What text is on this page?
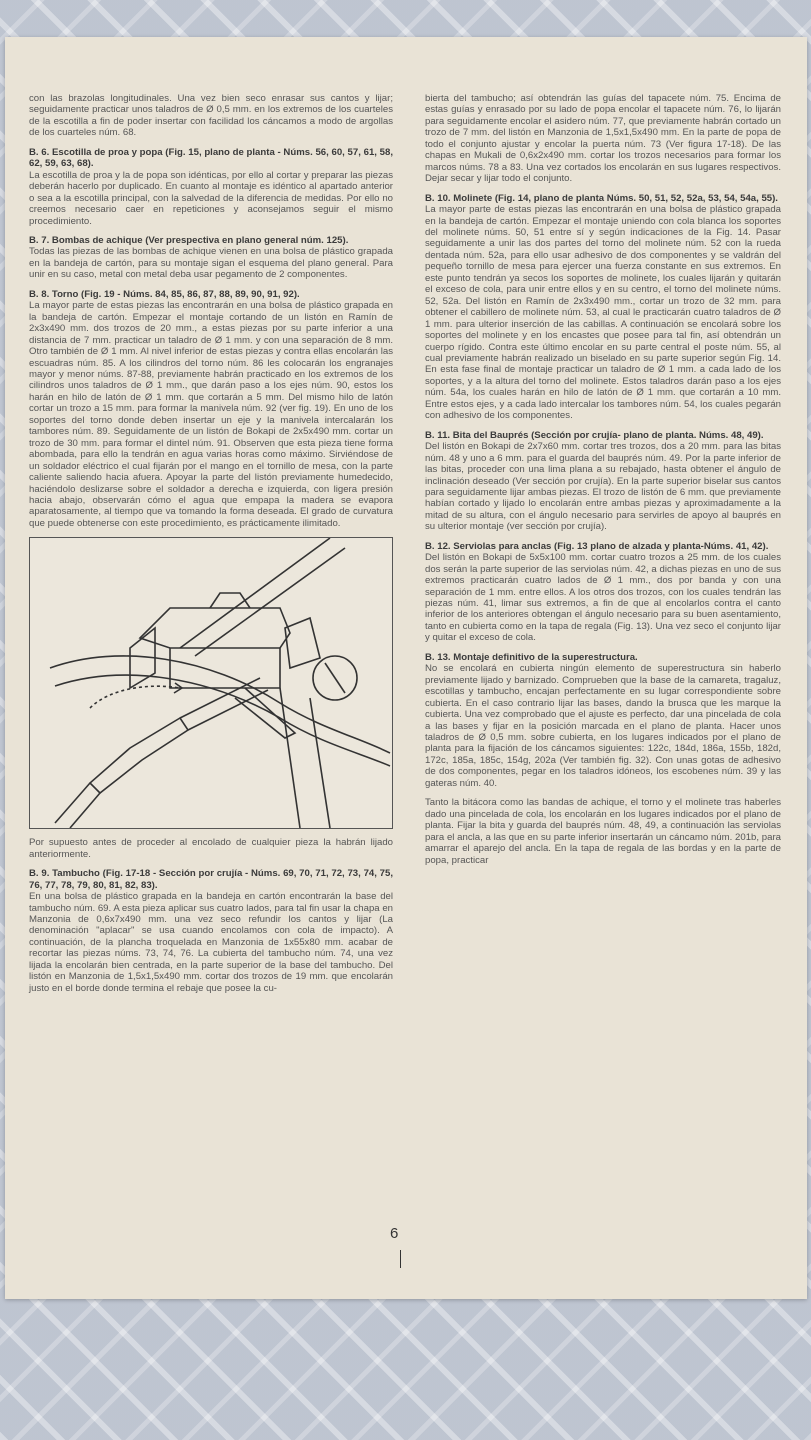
con las brazolas longitudinales. Una vez bien seco enrasar sus cantos y lijar; seguidamente practicar unos taladros de Ø 0,5 mm. en los extremos de los cuarteles de la escotilla a fin de poder insertar con facilidad los cáncamos a modo de argollas de los cuarteles núm. 68.

B. 6. Escotilla de proa y popa (Fig. 15, plano de planta - Núms. 56, 60, 57, 61, 58, 62, 59, 63, 68).
La escotilla de proa y la de popa son idénticas, por ello al cortar y preparar las piezas deberán hacerlo por duplicado. En cuanto al montaje es idéntico al apartado anterior o sea a la escotilla principal, con la salvedad de la diferencia de medidas. Por ello no creemos necesario caer en repeticiones y aconsejamos seguir el mismo procedimiento.
B. 7. Bombas de achique (Ver prespectiva en plano general núm. 125).
Todas las piezas de las bombas de achique vienen en una bolsa de plástico grapada en la bandeja de cartón, para su montaje sigan el esquema del plano general. Para unir en su caso, metal con metal deba usar pegamento de 2 componentes.
B. 8. Torno (Fig. 19 - Núms. 84, 85, 86, 87, 88, 89, 90, 91, 92).
La mayor parte de estas piezas las encontrarán en una bolsa de plástico grapada en la bandeja de cartón. Empezar el montaje cortando de un listón en Ramín de 2x3x490 mm. dos trozos de 20 mm., a estas piezas por su parte inferior a una distancia de 7 mm. practicar un taladro de Ø 1 mm. y con una separación de 8 mm. Otro también de Ø 1 mm. Al nivel inferior de estas piezas y contra ellas encolarán las escuadras núm. 85. A los cilindros del torno núm. 86 les colocarán los engranajes mayor y menor núms. 87-88, previamente habrán practicado en los extremos de los cilindros unos taladros de Ø 1 mm., que darán paso a los ejes núm. 90, estos los harán en hilo de latón de Ø 1 mm. que cortarán a 5 mm. Del mismo hilo de latón cortar un trozo a 15 mm. para formar la manivela núm. 92 (ver fig. 19). En uno de los soportes del torno donde deben insertar un eje y la manivela intercalarán los tambores núm. 89. Seguidamente de un listón de Bokapi de 2x5x490 mm. cortar un trozo de 30 mm. para formar el dintel núm. 91. Observen que esta pieza tiene forma abombada, para ello la tendrán en agua varias horas como máximo. Sirviéndose de un soldador eléctrico el cual fijarán por el mango en el tornillo de mesa, con la parte caliente saliendo hacia afuera. Apoyar la parte del listón previamente humedecido, haciéndolo deslizarse sobre el soldador a derecha e izquierda, con ligera presión hacia abajo, observarán cómo el agua que empapa la madera se evapora aparatosamente, al tiempo que va tomando la forma deseada. El grado de curvatura que puede obtenerse con este procedimiento, es prácticamente ilimitado.

Por supuesto antes de proceder al encolado de cualquier pieza la habrán lijado anteriormente.

B. 9. Tambucho (Fig. 17-18 - Sección por crujía - Núms. 69, 70, 71, 72, 73, 74, 75, 76, 77, 78, 79, 80, 81, 82, 83).
En una bolsa de plástico grapada en la bandeja en cartón encontrarán la base del tambucho núm. 69. A esta pieza aplicar sus cuatro lados, para tal fin usar la chapa en Manzonia de 0,6x7x490 mm. una vez seco refundir los cantos y lijar (La denominación "aplacar" se usa cuando encolamos con cola de impacto). A continuación, de la plancha troquelada en Manzonia de 1x55x80 mm. acabar de recortar las piezas núms. 73, 74, 76. La cubierta del tambucho núm. 74, una vez lijada la encolarán bien centrada, en la parte superior de la base del tambucho. Del listón en Manzonia de 1,5x1,5x490 mm. cortar dos trozos de 19 mm. que encolarán justo en el borde donde termina el rebaje que posee la cu-

bierta del tambucho; así obtendrán las guías del tapacete núm. 75. Encima de estas guías y enrasado por su lado de popa encolar el tapacete núm. 76, lo lijarán para seguidamente encolar el asidero núm. 77, que previamente habrán cortado un trozo de 7 mm. del listón en Manzonia de 1,5x1,5x490 mm. En la parte de popa de todo el conjunto ajustar y encolar la puerta núm. 73 (Ver figura 17-18). De las chapas en Mukali de 0,6x2x490 mm. cortar los trozos necesarios para formar los marcos núms. 78 a 83. Una vez cortados los encolarán en sus lugares respectivos. Dejar secar y lijar todo el conjunto.

B. 10. Molinete (Fig. 14, plano de planta Núms. 50, 51, 52, 52a, 53, 54, 54a, 55).
La mayor parte de estas piezas las encontrarán en una bolsa de plástico grapada en la bandeja de cartón. Empezar el montaje uniendo con cola blanca los soportes del molinete núms. 50, 51 entre sí y según indicaciones de la Fig. 14. Pasar seguidamente a unir las dos partes del torno del molinete núm. 52 con la rueda dentada núm. 52a, para ello usar adhesivo de dos componentes y se valdrán del pequeño tornillo de mesa para ejercer una fuerza constante en sus extremos. En este punto tendrán ya secos los soportes de molinete, los cuales lijarán y quitarán el exceso de cola, para unir entre ellos y en su centro, el torno del molinete núms. 52, 52a. Del listón en Ramín de 2x3x490 mm., cortar un trozo de 32 mm. para obtener el cabillero de molinete núm. 53, al cual le practicarán cuatro taladros de Ø 1 mm. para ulterior inserción de las cabillas. A continuación se encolará sobre los soportes del molinete y en los encastes que posee para tal fin, así obtendrán un cuerpo rígido. Contra este último encolar en su parte central el poste núm. 55, al cual previamente habrán realizado un biselado en su parte superior según Fig. 14. En esta fase final de montaje practicar un taladro de Ø 1 mm. a cada lado de los soportes, y a la altura del torno del molinete. Estos taladros darán paso a los ejes núm. 54a, los cuales harán en hilo de latón de Ø 1 mm. que cortarán a 10 mm. Entre estos ejes, y a cada lado intercalar los tambores núm. 54, los cuales pegarán con adhesivo de los componentes.
B. 11. Bita del Bauprés (Sección por crujía- plano de planta. Núms. 48, 49).
Del listón en Bokapi de 2x7x60 mm. cortar tres trozos, dos a 20 mm. para las bitas núm. 48 y uno a 6 mm. para el guarda del bauprés núm. 49. Por la parte inferior de las bitas, proceder con una lima plana a su rebajado, hasta obtener el ángulo de inclinación deseado (Ver sección por crujía). En la parte superior biselar sus cantos para seguidamente lijar ambas piezas. El trozo de listón de 6 mm. que previamente habían cortado y lijado lo encolarán entre ambas piezas y aproximadamente a la mitad de su altura, con el ángulo necesario para servirles de apoyo al bauprés en su ulterior montaje (ver sección por crujía).
B. 12. Serviolas para anclas (Fig. 13 plano de alzada y planta-Núms. 41, 42).
Del listón en Bokapi de 5x5x100 mm. cortar cuatro trozos a 25 mm. de los cuales dos serán la parte superior de las serviolas núm. 42, a dichas piezas en uno de sus extremos practicarán cuatro lados de Ø 1 mm., dos por banda y con una separación de 1 mm. entre ellos. A los otros dos trozos, con los cuales tendrán las piezas núm. 41, limar sus extremos, a fin de que al encolarlos contra el canto inferior de los anteriores obtengan el ángulo necesario para su buen asentamiento, tanto en cubierta como en la tapa de regala (Fig. 13). Una vez seco el conjunto lijar y quitar el exceso de cola.
B. 13. Montaje definitivo de la superestructura.
No se encolará en cubierta ningún elemento de superestructura sin haberlo previamente lijado y barnizado. Comprueben que la base de la camareta, tragaluz, escotillas y tambucho, encajan perfectamente en su lugar correspondiente sobre cubierta. En el caso contrario lijar las bases, dando la brusca que les marque la cubierta. Una vez comprobado que el ajuste es perfecto, dar una pincelada de cola a las bases y fijar en la posición marcada en el plano de planta. Hacer unos taladros de Ø 0,5 mm. sobre cubierta, en los lugares indicados por el plano de planta para la fijación de los cáncamos siguientes: 122c, 184d, 186a, 155b, 182d, 172c, 185a, 185c, 154g, 202a (Ver también fig. 32). Con unas gotas de adhesivo de dos componentes, pegar en los taladros idóneos, los escobenes núm. 39 y las gateras núm. 40.

Tanto la bitácora como las bandas de achique, el torno y el molinete tras haberles dado una pincelada de cola, los encolarán en los lugares indicados por el plano de planta. Fijar la bita y guarda del bauprés núm. 48, 49, a continuación las serviolas para el ancla, a las que en su parte inferior insertarán un cáncamo núm. 201b, para amarrar el aparejo del ancla. En la tapa de regala de las bordas y en la parte de popa, practicar

6
